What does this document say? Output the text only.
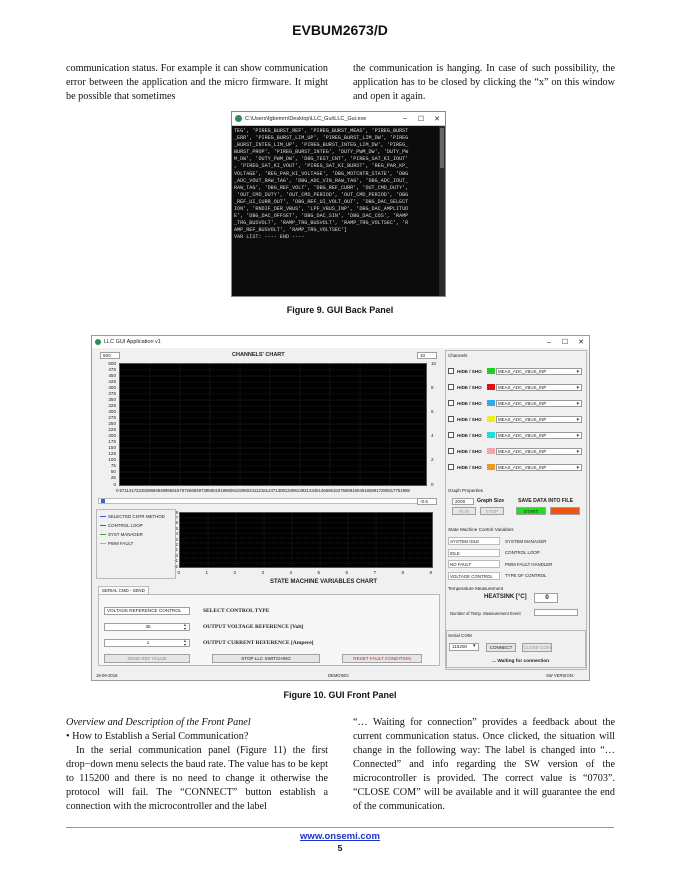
EVBUM2673/D

communication status. For example it can show communication error between the application and the micro firmware. It might be possible that sometimes

the communication is hanging. In case of such possibility, the application has to be closed by clicking the “x” on this window and open it again.

C:\Users\fgbemm\Desktop\LLC_Gui\LLC_Gui.exe	–	☐	✕
TEG', 'PIREG_BURST_REF', 'PIREG_BURST_MEAS', 'PIREG_BURST
_ERR', 'PIREG_BURST_LIM_UP', 'PIREG_BURST_LIM_DW', 'PIREG
_BURST_INTEG_LIM_UP', 'PIREG_BURST_INTEG_LIM_DW', 'PIREG_
BURST_PROP', 'PIREG_BURST_INTEG', 'DUTY_PWM_DW', 'DUTY_PW
M_DW', 'DUTY_PWM_DW', 'DBG_TEST_CNT', 'PIREG_SAT_KI_IOUT'
, 'PIREG_SAT_KI_VOUT', 'PIREG_SAT_KI_BURST', 'REG_PAR_KP_
VOLTAGE', 'REG_PAR_KI_VOLTAGE', 'DBG_MOTCNTR_STATE', 'DBG
_ADC_VOUT_RAW_TAG', 'DBG_ADC_VIN_RAW_TAG', 'DBG_ADC_IOUT_
RAW_TAG', 'DBG_REF_VOLT', 'DBG_REF_CURR', 'OUT_CMD_DUTY',
'OUT_CMD_DUTY', 'OUT_CMD_PERIOD', 'OUT_CMD_PERIOD', 'DBG
_REF_UI_CURR_OUT', 'DBG_REF_UI_VOLT_OUT', 'DBG_DAC_SELECT
ION', 'RNDIF_DER_VBUS', 'LPF_VBUS_INP', 'DBG_DAC_AMPLITUD
E', 'DBG_DAC_OFFSET', 'DBG_DAC_SIN', 'DBG_DAC_COS', 'RAMP
_TRG_BUSVOLT', 'RAMP_TRG_BUSVOLT', 'RAMP_TRG_VOLTSEC', 'R
AMP_REF_BUSVOLT', 'RAMP_TRG_VOLTSEC']
VAR LIST: ---- END ----
Figure 9. GUI Back Panel
LLC GUI Application v1	–	☐	✕
500	CHANNELS' CHART	10
0 5711417222829684949995615767266849738590191966061028603411216124713081349613931434514666515275588160461658917280817751955
-0.5
STATE MACHINE VARIABLES CHART
SERIAL CMD - SEND
VOLTAGE REFERENCE CONTROL	SELECT CONTROL TYPE
35	▴
▾	OUTPUT VOLTAGE REFERENCE [Volt]
1	▴
▾	OUTPUT CURRENT REFERENCE [Ampere]
SEND REF VALUE	STOP LLC SWITCHING	RESET FAULT CONDITION
Channels
Graph Properties
2000	Graph Size	SAVE DATA INTO FILE
RUN	STOP	START
State Machine Control Variables
Temperature Measurement
HEATSINK [°C]	0
Number of Temp. Measurement Event
Serial COM
115200	▾	CONNECT	CLOSE COM
... Waiting for connection
18-09-2018	DEMOSEC	SW VERSION:
500
475
450
425
400
375
350
325
300
275
250
225
200
175
150
125
100
75
50
25
0
10
8
6
4
2
0
SELECTED CNTR METHOD
CONTROL LOOP
SYST MANAGER
PWM FAULT
8
7
6
5
4
3
2
1
0
-1
-2
0	1	2	3	4	5	6	7	8	9
HIDE / SHO	MEAS_ADC_VBUS_INP ▾
HIDE / SHO	MEAS_ADC_VBUS_INP ▾
HIDE / SHO	MEAS_ADC_VBUS_INP ▾
HIDE / SHO	MEAS_ADC_VBUS_INP ▾
HIDE / SHO	MEAS_ADC_VBUS_INP ▾
HIDE / SHO	MEAS_ADC_VBUS_INP ▾
HIDE / SHO	MEAS_ADC_VBUS_INP ▾
SYSTEM IDLE	SYSTEM MANAGER
IDLE	CONTROL LOOP
NO FAULT	PWM FAULT HANDLER
VOLTAGE CONTROL	TYPE OF CONTROL
Figure 10. GUI Front Panel

Overview and Description of the Front Panel

• How to Establish a Serial Communication?

In the serial communication panel (Figure 11) the first drop−down menu selects the baud rate. The value has to be kept to 115200 and there is no need to change it otherwise the protocol will fail. The “CONNECT” button establish a connection with the microcontroller and the label

“… Waiting for connection” provides a feedback about the current communication status. Once clicked, the situation will change in the following way: The label is changed into “…Connected” and info regarding the SW version of the microcontroller is provided. The correct value is “0703”. “CLOSE COM” will be available and it will guarantee the end of the communication.

www.onsemi.com
5
